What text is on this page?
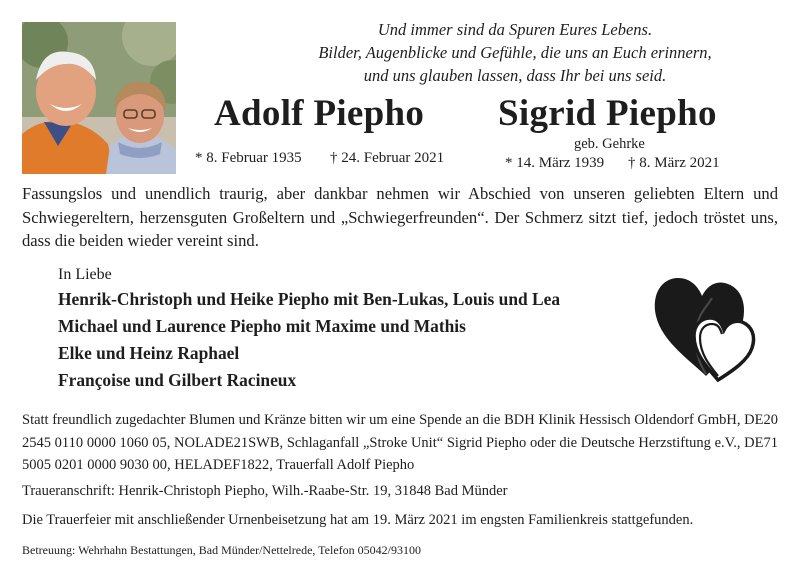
Und immer sind da Spuren Eures Lebens.
Bilder, Augenblicke und Gefühle, die uns an Euch erinnern,
und uns glauben lassen, dass Ihr bei uns seid.
Adolf Piepho Sigrid Piepho
geb. Gehrke
* 8. Februar 1935 † 24. Februar 2021	* 14. März 1939 † 8. März 2021
Fassungslos und unendlich traurig, aber dankbar nehmen wir Abschied von unseren geliebten Eltern und Schwiegereltern, herzensguten Großeltern und „Schwiegerfreunden“. Der Schmerz sitzt tief, jedoch tröstet uns, dass die beiden wieder vereint sind.
In Liebe
Henrik-Christoph und Heike Piepho mit Ben-Lukas, Louis und Lea
Michael und Laurence Piepho mit Maxime und Mathis
Elke und Heinz Raphael
Françoise und Gilbert Racineux
Statt freundlich zugedachter Blumen und Kränze bitten wir um eine Spende an die BDH Klinik Hessisch Oldendorf GmbH, DE20 2545 0110 0000 1060 05, NOLADE21SWB, Schlaganfall „Stroke Unit“ Sigrid Piepho oder die Deutsche Herzstiftung e.V., DE71 5005 0201 0000 9030 00, HELADEF1822, Trauerfall Adolf Piepho
Traueranschrift: Henrik-Christoph Piepho, Wilh.-Raabe-Str. 19, 31848 Bad Münder
Die Trauerfeier mit anschließender Urnenbeisetzung hat am 19. März 2021 im engsten Familienkreis stattgefunden.
Betreuung: Wehrhahn Bestattungen, Bad Münder/Nettelrede, Telefon 05042/93100
